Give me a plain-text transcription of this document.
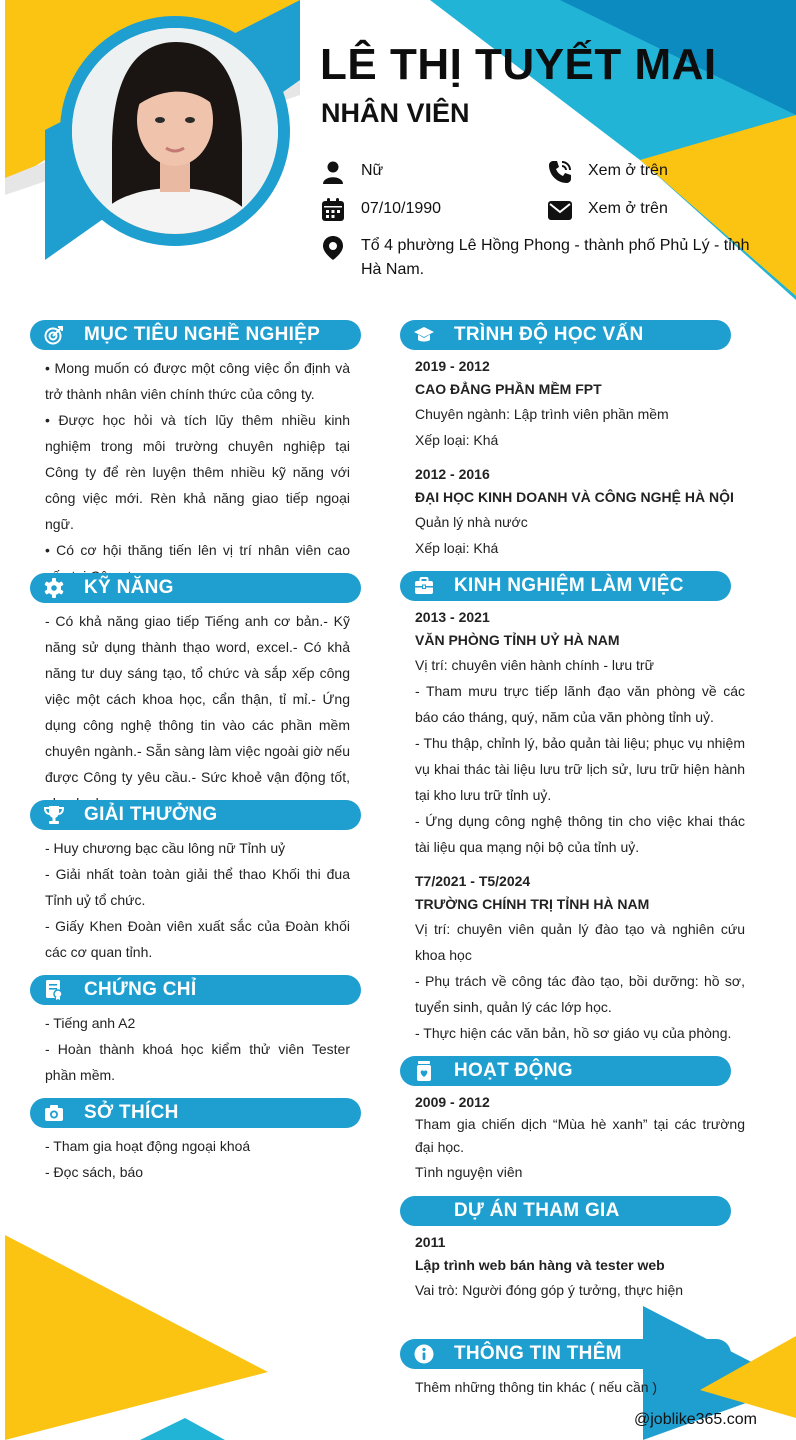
LÊ THỊ TUYẾT MAI
NHÂN VIÊN
Nữ
07/10/1990
Tổ 4 phường Lê Hồng Phong - thành phố Phủ Lý - tỉnh Hà Nam.
Xem ở trên
Xem ở trên
MỤC TIÊU NGHỀ NGHIỆP

• Mong muốn có được một công việc ổn định và trở thành nhân viên chính thức của công ty.

• Được học hỏi và tích lũy thêm nhiều kinh nghiệm trong môi trường chuyên nghiệp tại Công ty để rèn luyện thêm nhiều kỹ năng với công việc mới. Rèn khả năng giao tiếp ngoại ngữ.

• Có cơ hội thăng tiến lên vị trí nhân viên cao

KỸ NĂNG

- Có khả năng giao tiếp Tiếng anh cơ bản.- Kỹ năng sử dụng thành thạo word, excel.- Có khả năng tư duy sáng tạo, tổ chức và sắp xếp công việc một cách khoa học, cẩn thận, tỉ mỉ.- Ứng dụng công nghệ thông tin vào các phần mềm chuyên ngành.- Sẵn sàng làm việc ngoài giờ nếu được Công ty yêu cầu.- Sức khoẻ vận động tốt,

GIẢI THƯỞNG

- Huy chương bạc cầu lông nữ Tỉnh uỷ

- Giải nhất toàn toàn giải thể thao Khối thi đua Tỉnh uỷ tổ chức.

- Giấy Khen Đoàn viên xuất sắc của Đoàn khối các cơ quan tỉnh.

CHỨNG CHỈ

- Tiếng anh A2

- Hoàn thành khoá học kiểm thử viên Tester phần mềm.

SỞ THÍCH

- Tham gia hoạt động ngoại khoá

- Đọc sách, báo

TRÌNH ĐỘ HỌC VẤN
2019 - 2012
CAO ĐẲNG PHẦN MỀM FPT
Chuyên ngành: Lập trình viên phần mềm
Xếp loại: Khá
2012 - 2016
ĐẠI HỌC KINH DOANH VÀ CÔNG NGHỆ HÀ NỘI
Quản lý nhà nước
Xếp loại: Khá
KINH NGHIỆM LÀM VIỆC
2013 - 2021
VĂN PHÒNG TỈNH UỶ HÀ NAM
Vị trí: chuyên viên hành chính - lưu trữ
- Tham mưu trực tiếp lãnh đạo văn phòng về các báo cáo tháng, quý, năm của văn phòng tỉnh uỷ.
- Thu thập, chỉnh lý, bảo quản tài liệu; phục vụ nhiệm vụ khai thác tài liệu lưu trữ lịch sử, lưu trữ hiện hành tại kho lưu trữ tỉnh uỷ.
- Ứng dụng công nghệ thông tin cho việc khai thác tài liệu qua mạng nội bộ của tỉnh uỷ.
T7/2021 - T5/2024
TRƯỜNG CHÍNH TRỊ TỈNH HÀ NAM
Vị trí: chuyên viên quản lý đào tạo và nghiên cứu khoa học
- Phụ trách về công tác đào tạo, bồi dưỡng: hồ sơ, tuyển sinh, quản lý các lớp học.
- Thực hiện các văn bản, hồ sơ giáo vụ của phòng.
HOẠT ĐỘNG
2009 - 2012
Tham gia chiến dịch “Mùa hè xanh” tại các trường đại học.
Tình nguyện viên
DỰ ÁN THAM GIA
2011
Lập trình web bán hàng và tester web
Vai trò: Người đóng góp ý tưởng, thực hiện
THÔNG TIN THÊM
Thêm những thông tin khác ( nếu cần )
@joblike365.com
